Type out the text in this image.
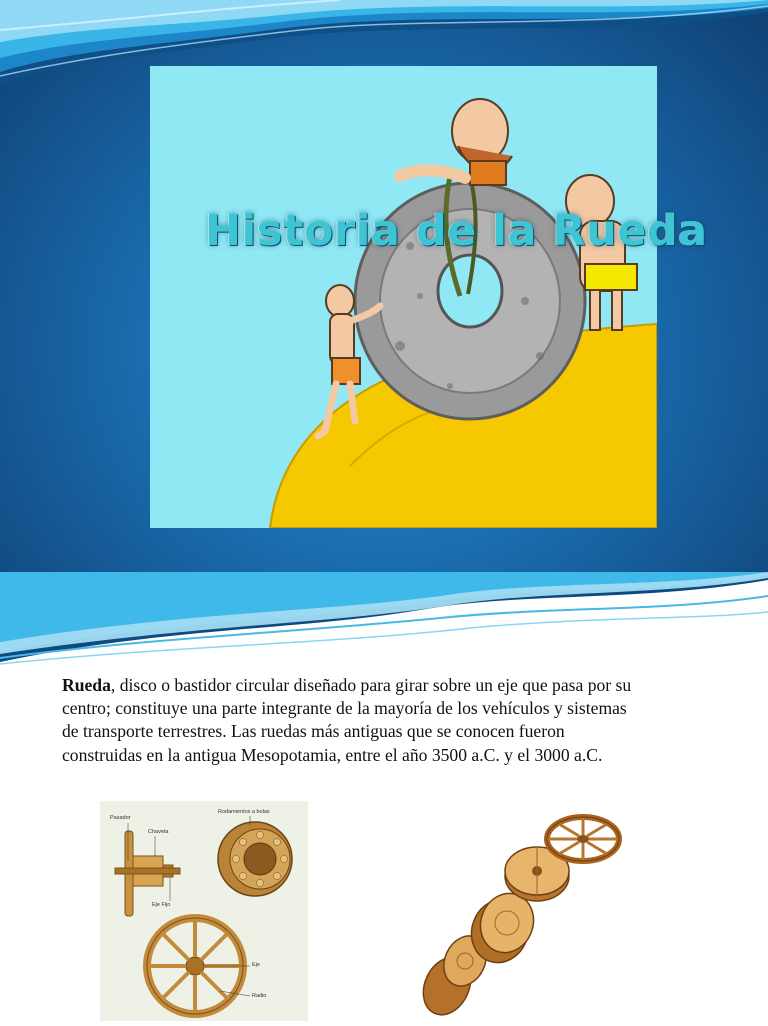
Historia de la Rueda
Rueda, disco o bastidor circular diseñado para girar sobre un eje que pasa por su
centro; constituye una parte integrante de la mayoría de los vehículos y sistemas
de transporte terrestres. Las ruedas más antiguas que se conocen fueron
construidas en la antigua Mesopotamia, entre el año 3500 a.C. y el 3000 a.C.
Pasador
Chaveta
Eje Fijo
Rodamientos a bolas
Eje
Radio
